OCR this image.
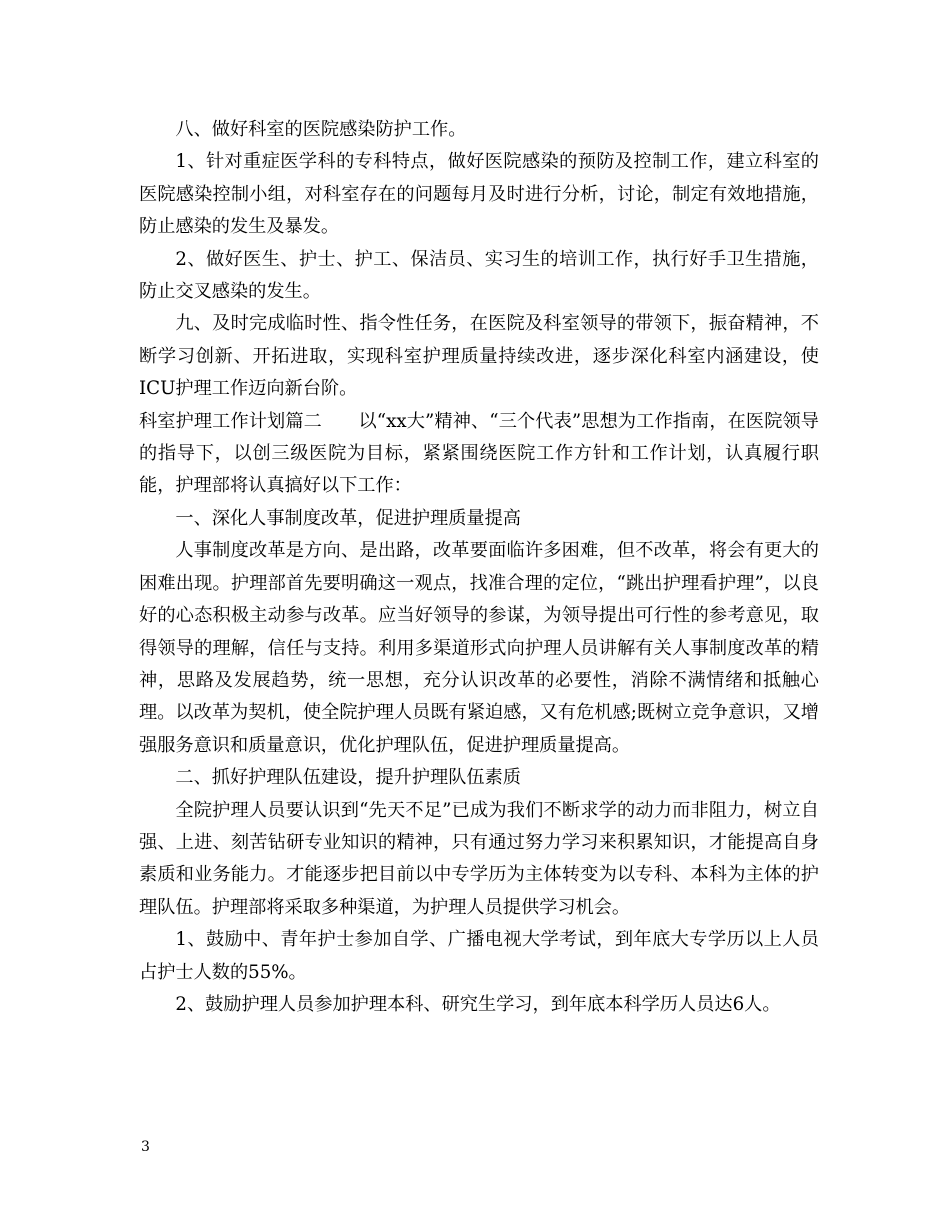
八、做好科室的医院感染防护工作。

1、针对重症医学科的专科特点，做好医院感染的预防及控制工作，建立科室的医院感染控制小组，对科室存在的问题每月及时进行分析，讨论，制定有效地措施，防止感染的发生及暴发。

2、做好医生、护士、护工、保洁员、实习生的培训工作，执行好手卫生措施，防止交叉感染的发生。

九、及时完成临时性、指令性任务，在医院及科室领导的带领下，振奋精神，不断学习创新、开拓进取，实现科室护理质量持续改进，逐步深化科室内涵建设，使ICU护理工作迈向新台阶。

科室护理工作计划篇二　　以“xx大”精神、“三个代表”思想为工作指南，在医院领导的指导下，以创三级医院为目标，紧紧围绕医院工作方针和工作计划，认真履行职能，护理部将认真搞好以下工作：

一、深化人事制度改革，促进护理质量提高

人事制度改革是方向、是出路，改革要面临许多困难，但不改革，将会有更大的困难出现。护理部首先要明确这一观点，找准合理的定位，“跳出护理看护理”，以良好的心态积极主动参与改革。应当好领导的参谋，为领导提出可行性的参考意见，取得领导的理解，信任与支持。利用多渠道形式向护理人员讲解有关人事制度改革的精神，思路及发展趋势，统一思想，充分认识改革的必要性，消除不满情绪和抵触心理。以改革为契机，使全院护理人员既有紧迫感，又有危机感;既树立竞争意识，又增强服务意识和质量意识，优化护理队伍，促进护理质量提高。

二、抓好护理队伍建设，提升护理队伍素质

全院护理人员要认识到“先天不足”已成为我们不断求学的动力而非阻力，树立自强、上进、刻苦钻研专业知识的精神，只有通过努力学习来积累知识，才能提高自身素质和业务能力。才能逐步把目前以中专学历为主体转变为以专科、本科为主体的护理队伍。护理部将采取多种渠道，为护理人员提供学习机会。

1、鼓励中、青年护士参加自学、广播电视大学考试，到年底大专学历以上人员占护士人数的55%。

2、鼓励护理人员参加护理本科、研究生学习，到年底本科学历人员达6人。

3
